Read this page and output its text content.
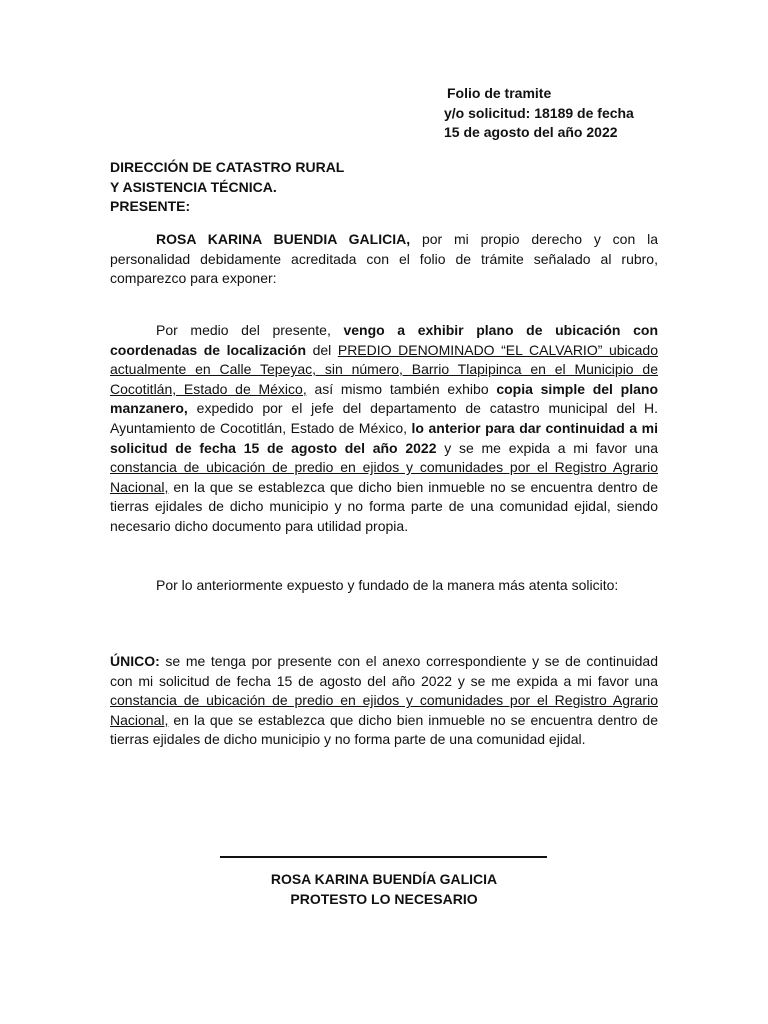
Folio de tramite
y/o solicitud: 18189 de fecha
15 de agosto del año 2022
DIRECCIÓN DE CATASTRO RURAL
Y ASISTENCIA TÉCNICA.
PRESENTE:
ROSA KARINA BUENDIA GALICIA, por mi propio derecho y con la personalidad debidamente acreditada con el folio de trámite señalado al rubro, comparezco para exponer:
Por medio del presente, vengo a exhibir plano de ubicación con coordenadas de localización del PREDIO DENOMINADO “EL CALVARIO” ubicado actualmente en Calle Tepeyac, sin número, Barrio Tlapipinca en el Municipio de Cocotitlán, Estado de México, así mismo también exhibo copia simple del plano manzanero, expedido por el jefe del departamento de catastro municipal del H. Ayuntamiento de Cocotitlán, Estado de México, lo anterior para dar continuidad a mi solicitud de fecha 15 de agosto del año 2022 y se me expida a mi favor una constancia de ubicación de predio en ejidos y comunidades por el Registro Agrario Nacional, en la que se establezca que dicho bien inmueble no se encuentra dentro de tierras ejidales de dicho municipio y no forma parte de una comunidad ejidal, siendo necesario dicho documento para utilidad propia.
Por lo anteriormente expuesto y fundado de la manera más atenta solicito:
ÚNICO: se me tenga por presente con el anexo correspondiente y se de continuidad con mi solicitud de fecha 15 de agosto del año 2022 y se me expida a mi favor una constancia de ubicación de predio en ejidos y comunidades por el Registro Agrario Nacional, en la que se establezca que dicho bien inmueble no se encuentra dentro de tierras ejidales de dicho municipio y no forma parte de una comunidad ejidal.
ROSA KARINA BUENDÍA GALICIA
PROTESTO LO NECESARIO
